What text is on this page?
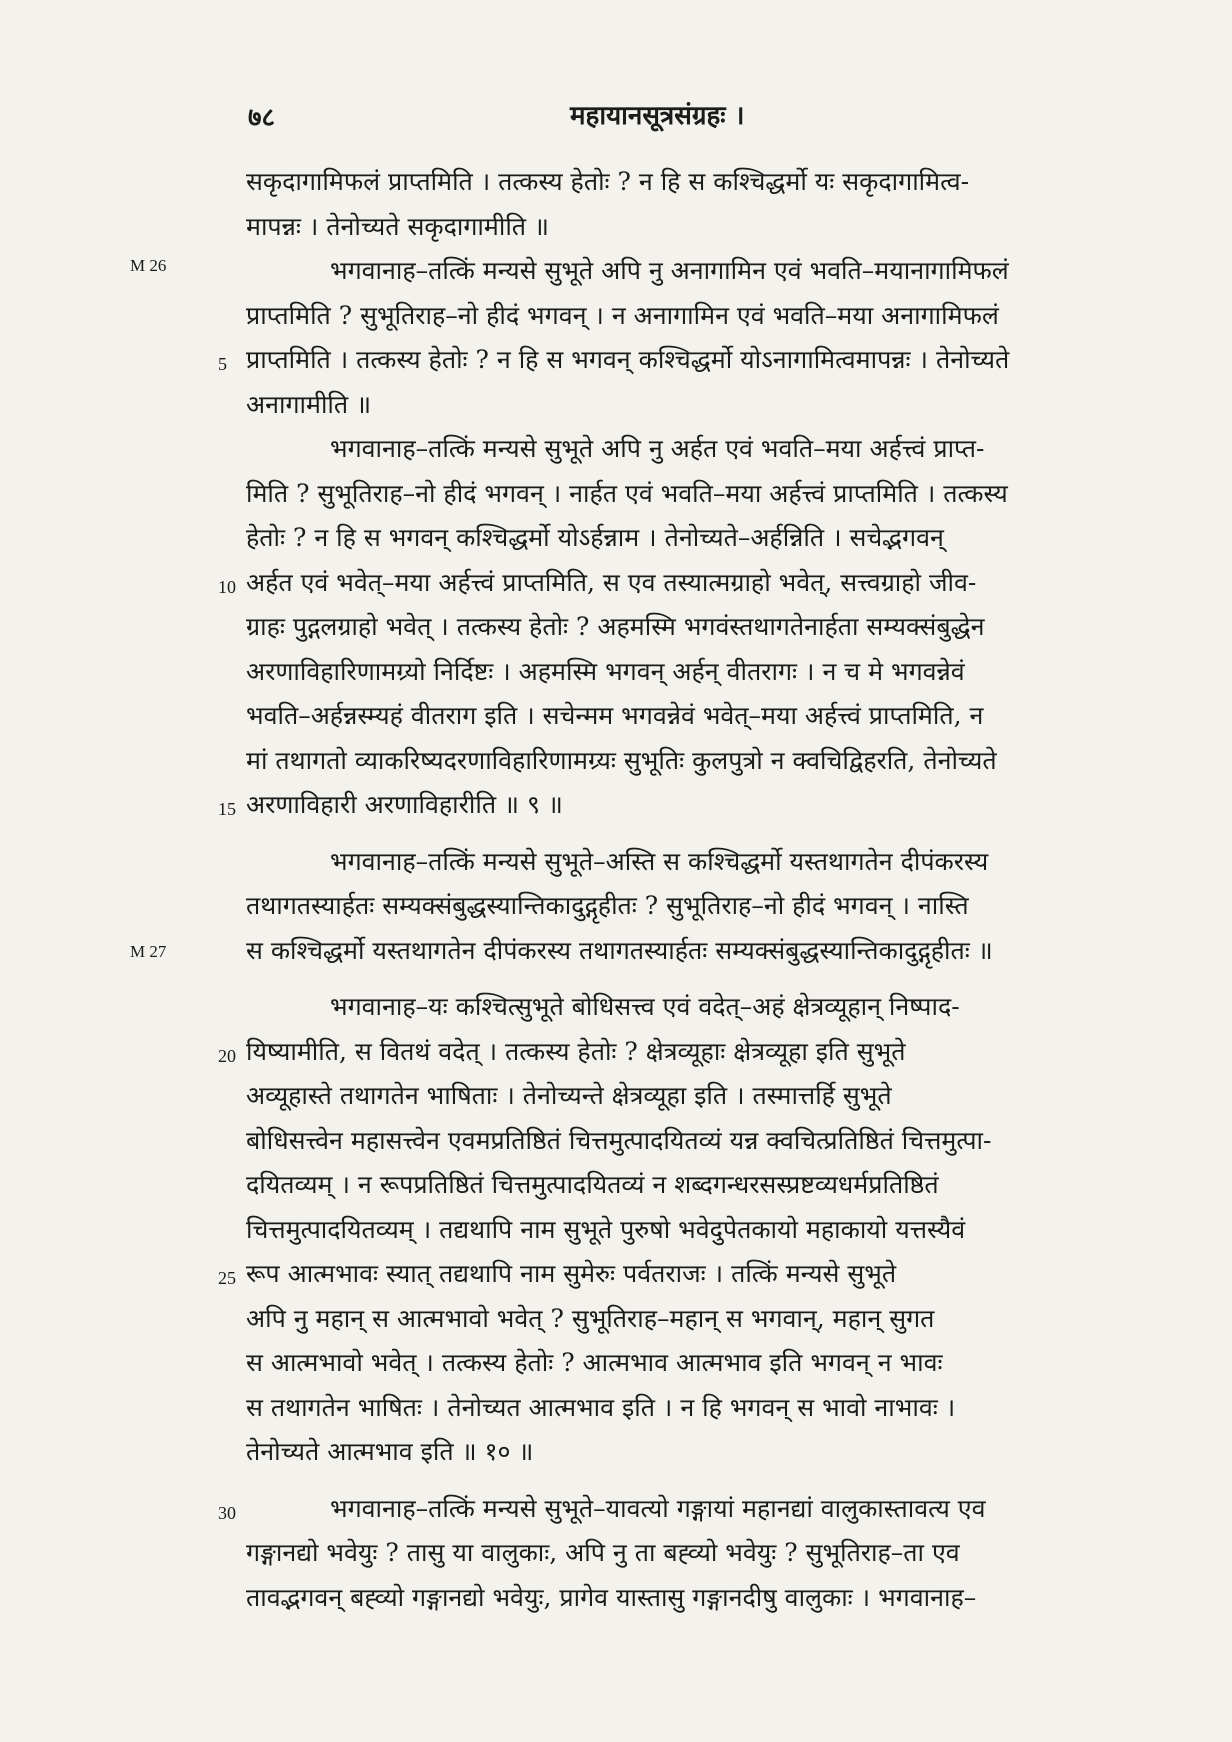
७८	महायानसूत्रसंग्रहः ।
M 26
M 27
सकृदागामिफलं प्राप्तमिति । तत्कस्य हेतोः ? न हि स कश्चिद्धर्मो यः सकृदागामित्व-
मापन्नः । तेनोच्यते सकृदागामीति ॥
भगवानाह–तत्किं मन्यसे सुभूते अपि नु अनागामिन एवं भवति–मयानागामिफलं
प्राप्तमिति ? सुभूतिराह–नो हीदं भगवन् । न अनागामिन एवं भवति–मया अनागामिफलं
5 प्राप्तमिति । तत्कस्य हेतोः ? न हि स भगवन् कश्चिद्धर्मो योऽनागामित्वमापन्नः । तेनोच्यते
अनागामीति ॥
भगवानाह–तत्किं मन्यसे सुभूते अपि नु अर्हत एवं भवति–मया अर्हत्त्वं प्राप्त-
मिति ? सुभूतिराह–नो हीदं भगवन् । नार्हत एवं भवति–मया अर्हत्त्वं प्राप्तमिति । तत्कस्य
हेतोः ? न हि स भगवन् कश्चिद्धर्मो योऽर्हन्नाम । तेनोच्यते–अर्हन्निति । सचेद्भगवन्
10 अर्हत एवं भवेत्–मया अर्हत्त्वं प्राप्तमिति, स एव तस्यात्मग्राहो भवेत्, सत्त्वग्राहो जीव-
ग्राहः पुद्गलग्राहो भवेत् । तत्कस्य हेतोः ? अहमस्मि भगवंस्तथागतेनार्हता सम्यक्संबुद्धेन
अरणाविहारिणामग्र्यो निर्दिष्टः । अहमस्मि भगवन् अर्हन् वीतरागः । न च मे भगवन्नेवं
भवति–अर्हन्नस्म्यहं वीतराग इति । सचेन्मम भगवन्नेवं भवेत्–मया अर्हत्त्वं प्राप्तमिति, न
मां तथागतो व्याकरिष्यदरणाविहारिणामग्र्यः सुभूतिः कुलपुत्रो न क्वचिद्विहरति, तेनोच्यते
15 अरणाविहारी अरणाविहारीति ॥ ९ ॥
भगवानाह–तत्किं मन्यसे सुभूते–अस्ति स कश्चिद्धर्मो यस्तथागतेन दीपंकरस्य
तथागतस्यार्हतः सम्यक्संबुद्धस्यान्तिकादुद्गृहीतः ? सुभूतिराह–नो हीदं भगवन् । नास्ति
स कश्चिद्धर्मो यस्तथागतेन दीपंकरस्य तथागतस्यार्हतः सम्यक्संबुद्धस्यान्तिकादुद्गृहीतः ॥
भगवानाह–यः कश्चित्सुभूते बोधिसत्त्व एवं वदेत्–अहं क्षेत्रव्यूहान् निष्पाद-
20 यिष्यामीति, स वितथं वदेत् । तत्कस्य हेतोः ? क्षेत्रव्यूहाः क्षेत्रव्यूहा इति सुभूते
अव्यूहास्ते तथागतेन भाषिताः । तेनोच्यन्ते क्षेत्रव्यूहा इति । तस्मात्तर्हि सुभूते
बोधिसत्त्वेन महासत्त्वेन एवमप्रतिष्ठितं चित्तमुत्पादयितव्यं यन्न क्वचित्प्रतिष्ठितं चित्तमुत्पा-
दयितव्यम् । न रूपप्रतिष्ठितं चित्तमुत्पादयितव्यं न शब्दगन्धरसस्प्रष्टव्यधर्मप्रतिष्ठितं
चित्तमुत्पादयितव्यम् । तद्यथापि नाम सुभूते पुरुषो भवेदुपेतकायो महाकायो यत्तस्यैवं
25 रूप आत्मभावः स्यात् तद्यथापि नाम सुमेरुः पर्वतराजः । तत्किं मन्यसे सुभूते
अपि नु महान् स आत्मभावो भवेत् ? सुभूतिराह–महान् स भगवान्, महान् सुगत
स आत्मभावो भवेत् । तत्कस्य हेतोः ? आत्मभाव आत्मभाव इति भगवन् न भावः
स तथागतेन भाषितः । तेनोच्यत आत्मभाव इति । न हि भगवन् स भावो नाभावः ।
तेनोच्यते आत्मभाव इति ॥ १० ॥
30	भगवानाह–तत्किं मन्यसे सुभूते–यावत्यो गङ्गायां महानद्यां वालुकास्तावत्य एव
गङ्गानद्यो भवेयुः ? तासु या वालुकाः, अपि नु ता बह्व्यो भवेयुः ? सुभूतिराह–ता एव
तावद्भगवन् बह्व्यो गङ्गानद्यो भवेयुः, प्रागेव यास्तासु गङ्गानदीषु वालुकाः । भगवानाह–
